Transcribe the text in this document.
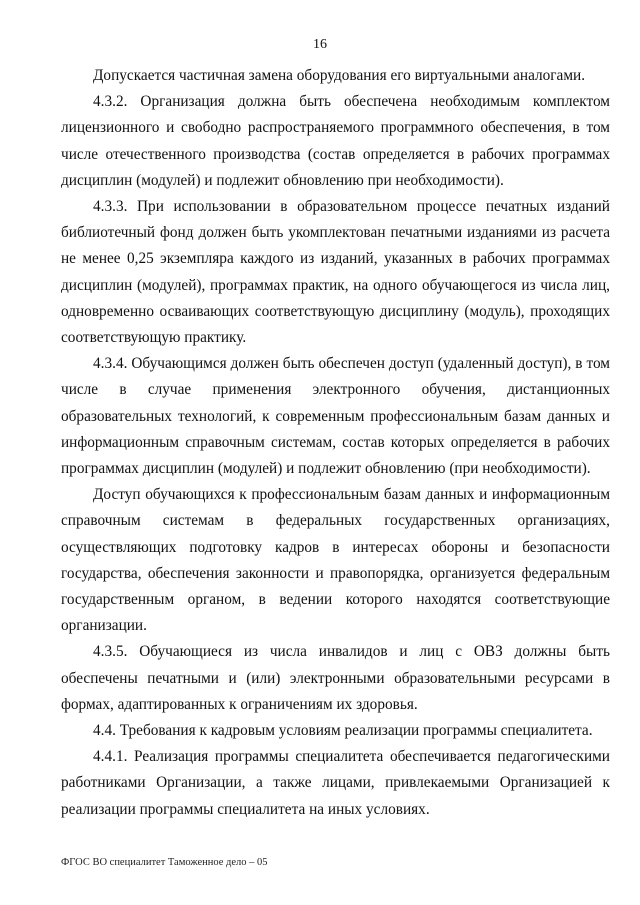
16

Допускается частичная замена оборудования его виртуальными аналогами.

4.3.2. Организация должна быть обеспечена необходимым комплектом лицензионного и свободно распространяемого программного обеспечения, в том числе отечественного производства (состав определяется в рабочих программах дисциплин (модулей) и подлежит обновлению при необходимости).

4.3.3. При использовании в образовательном процессе печатных изданий библиотечный фонд должен быть укомплектован печатными изданиями из расчета не менее 0,25 экземпляра каждого из изданий, указанных в рабочих программах дисциплин (модулей), программах практик, на одного обучающегося из числа лиц, одновременно осваивающих соответствующую дисциплину (модуль), проходящих соответствующую практику.

4.3.4. Обучающимся должен быть обеспечен доступ (удаленный доступ), в том числе в случае применения электронного обучения, дистанционных образовательных технологий, к современным профессиональным базам данных и информационным справочным системам, состав которых определяется в рабочих программах дисциплин (модулей) и подлежит обновлению (при необходимости).

Доступ обучающихся к профессиональным базам данных и информационным справочным системам в федеральных государственных организациях, осуществляющих подготовку кадров в интересах обороны и безопасности государства, обеспечения законности и правопорядка, организуется федеральным государственным органом, в ведении которого находятся соответствующие организации.

4.3.5. Обучающиеся из числа инвалидов и лиц с ОВЗ должны быть обеспечены печатными и (или) электронными образовательными ресурсами в формах, адаптированных к ограничениям их здоровья.

4.4. Требования к кадровым условиям реализации программы специалитета.

4.4.1. Реализация программы специалитета обеспечивается педагогическими работниками Организации, а также лицами, привлекаемыми Организацией к реализации программы специалитета на иных условиях.

ФГОС ВО специалитет Таможенное дело – 05
